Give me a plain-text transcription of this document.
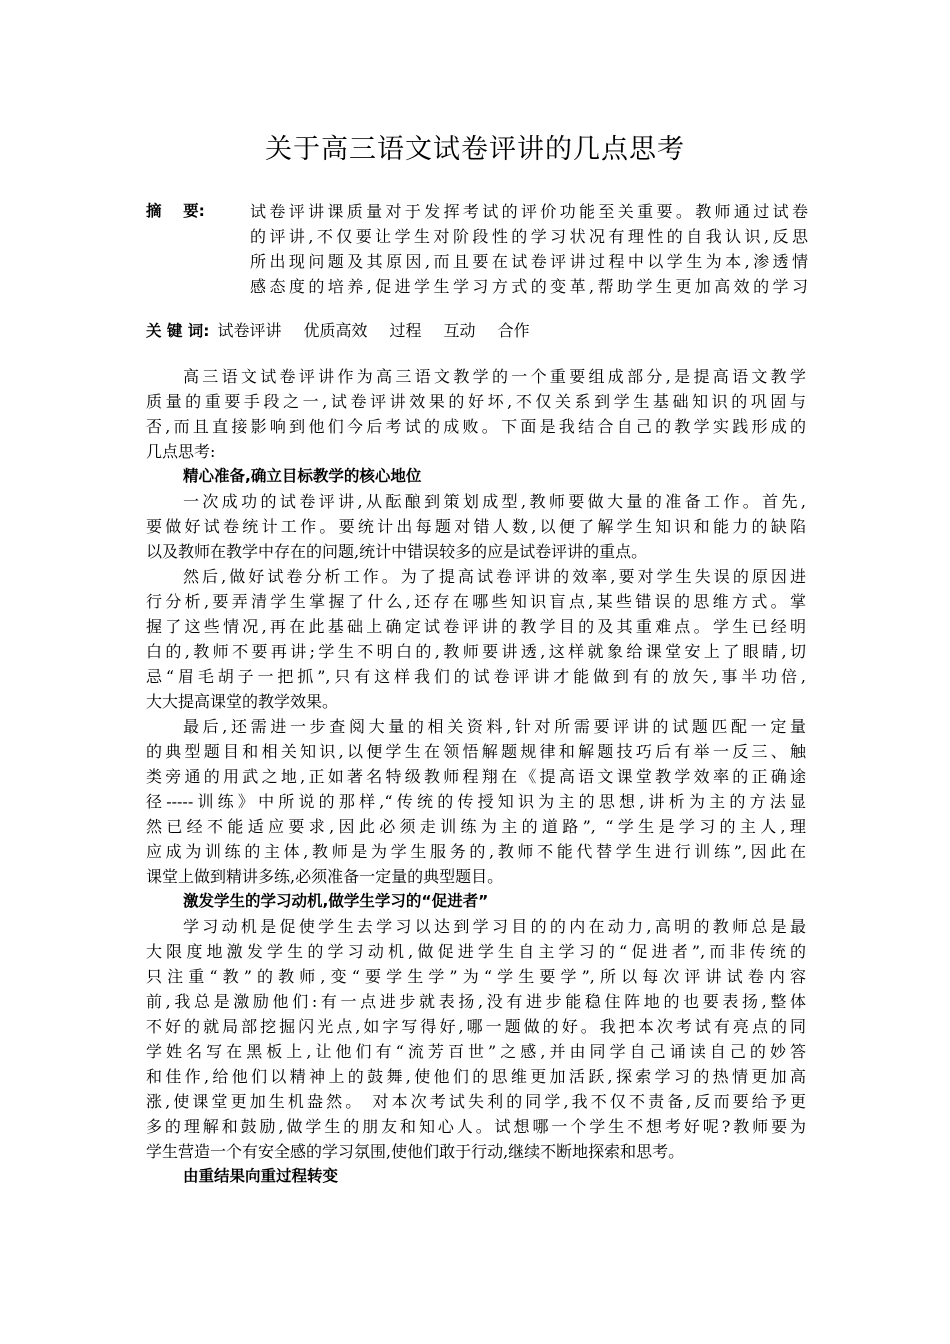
关于高三语文试卷评讲的几点思考
摘    要:	试卷评讲课质量对于发挥考试的评价功能至关重要。教师通过试卷
的评讲,不仅要让学生对阶段性的学习状况有理性的自我认识,反思
所出现问题及其原因,而且要在试卷评讲过程中以学生为本,渗透情
感态度的培养,促进学生学习方式的变革,帮助学生更加高效的学习
关 键 词: 试卷评讲 优质高效 过程 互动 合作
高三语文试卷评讲作为高三语文教学的一个重要组成部分,是提高语文教学
质量的重要手段之一,试卷评讲效果的好坏,不仅关系到学生基础知识的巩固与
否,而且直接影响到他们今后考试的成败。下面是我结合自己的教学实践形成的
几点思考:
精心准备,确立目标教学的核心地位
一次成功的试卷评讲,从酝酿到策划成型,教师要做大量的准备工作。首先,
要做好试卷统计工作。要统计出每题对错人数,以便了解学生知识和能力的缺陷
以及教师在教学中存在的问题,统计中错误较多的应是试卷评讲的重点。
然后,做好试卷分析工作。为了提高试卷评讲的效率,要对学生失误的原因进
行分析,要弄清学生掌握了什么,还存在哪些知识盲点,某些错误的思维方式。掌
握了这些情况,再在此基础上确定试卷评讲的教学目的及其重难点。学生已经明
白的,教师不要再讲;学生不明白的,教师要讲透,这样就象给课堂安上了眼睛,切
忌“眉毛胡子一把抓”,只有这样我们的试卷评讲才能做到有的放矢,事半功倍,
大大提高课堂的教学效果。
最后,还需进一步查阅大量的相关资料,针对所需要评讲的试题匹配一定量
的典型题目和相关知识,以便学生在领悟解题规律和解题技巧后有举一反三、触
类旁通的用武之地,正如著名特级教师程翔在《提高语文课堂教学效率的正确途
径-----训练》中所说的那样,“传统的传授知识为主的思想,讲析为主的方法显
然已经不能适应要求,因此必须走训练为主的道路”, “学生是学习的主人,理
应成为训练的主体,教师是为学生服务的,教师不能代替学生进行训练”,因此在
课堂上做到精讲多练,必须准备一定量的典型题目。
激发学生的学习动机,做学生学习的“促进者”
学习动机是促使学生去学习以达到学习目的的内在动力,高明的教师总是最
大限度地激发学生的学习动机,做促进学生自主学习的“促进者”,而非传统的
只注重“教”的教师,变“要学生学”为“学生要学”,所以每次评讲试卷内容
前,我总是激励他们:有一点进步就表扬,没有进步能稳住阵地的也要表扬,整体
不好的就局部挖掘闪光点,如字写得好,哪一题做的好。我把本次考试有亮点的同
学姓名写在黑板上,让他们有“流芳百世”之感,并由同学自己诵读自己的妙答
和佳作,给他们以精神上的鼓舞,使他们的思维更加活跃,探索学习的热情更加高
涨,使课堂更加生机盎然。 对本次考试失利的同学,我不仅不责备,反而要给予更
多的理解和鼓励,做学生的朋友和知心人。试想哪一个学生不想考好呢?教师要为
学生营造一个有安全感的学习氛围,使他们敢于行动,继续不断地探索和思考。
由重结果向重过程转变
